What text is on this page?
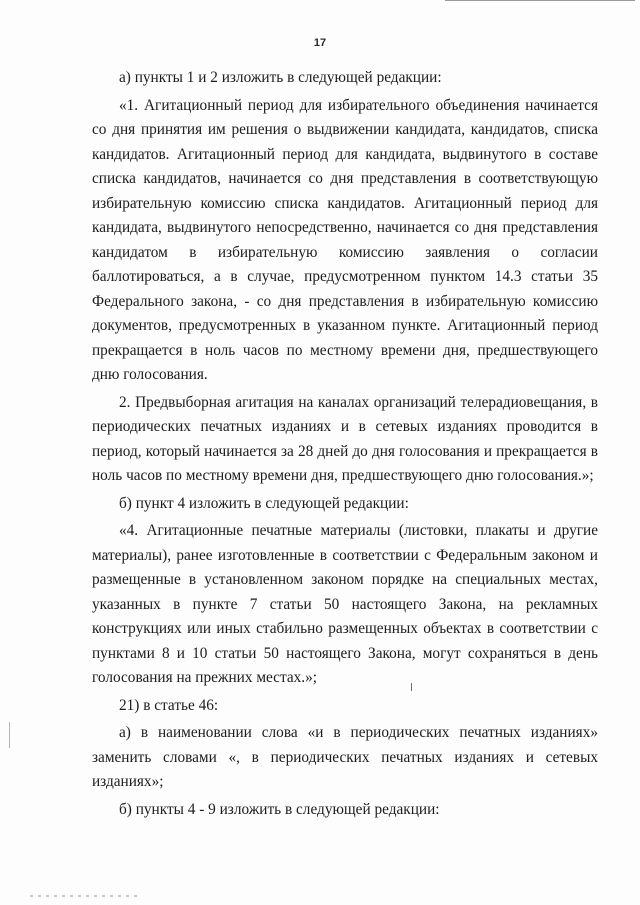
17

а) пункты 1 и 2 изложить в следующей редакции:

«1. Агитационный период для избирательного объединения начинается со дня принятия им решения о выдвижении кандидата, кандидатов, списка кандидатов. Агитационный период для кандидата, выдвинутого в составе списка кандидатов, начинается со дня представления в соответствующую избирательную комиссию списка кандидатов. Агитационный период для кандидата, выдвинутого непосредственно, начинается со дня представления кандидатом в избирательную комиссию заявления о согласии баллотироваться, а в случае, предусмотренном пунктом 14.3 статьи 35 Федерального закона, - со дня представления в избирательную комиссию документов, предусмотренных в указанном пункте. Агитационный период прекращается в ноль часов по местному времени дня, предшествующего дню голосования.

2. Предвыборная агитация на каналах организаций телерадиовещания, в периодических печатных изданиях и в сетевых изданиях проводится в период, который начинается за 28 дней до дня голосования и прекращается в ноль часов по местному времени дня, предшествующего дню голосования.»;

б) пункт 4 изложить в следующей редакции:

«4. Агитационные печатные материалы (листовки, плакаты и другие материалы), ранее изготовленные в соответствии с Федеральным законом и размещенные в установленном законом порядке на специальных местах, указанных в пункте 7 статьи 50 настоящего Закона, на рекламных конструкциях или иных стабильно размещенных объектах в соответствии с пунктами 8 и 10 статьи 50 настоящего Закона, могут сохраняться в день голосования на прежних местах.»;

21) в статье 46:

а) в наименовании слова «и в периодических печатных изданиях» заменить словами «, в периодических печатных изданиях и сетевых изданиях»;

б) пункты 4 - 9 изложить в следующей редакции:
